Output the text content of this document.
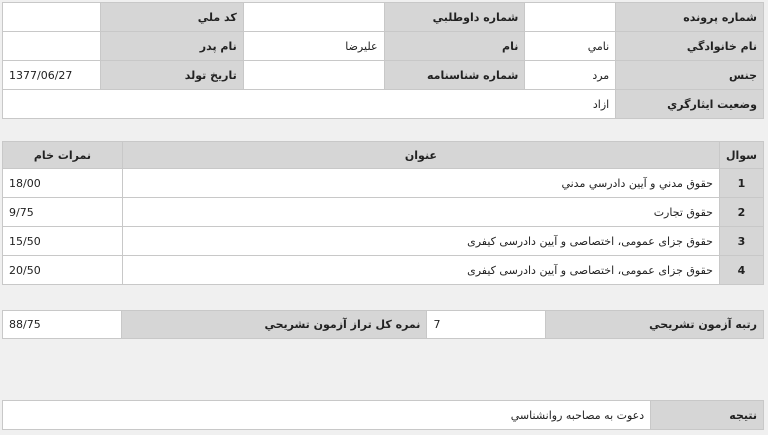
شماره پرونده		شماره داوطلبي		كد ملي	
نام خانوادگي	نامي	نام	عليرضا	نام پدر	
جنس	مرد	شماره شناسنامه		تاريخ تولد	1377/06/27
وضعيت ايثارگري	ازاد				
سوال	عنوان	نمرات خام
1	حقوق مدني و آيين دادرسي مدني	18/00
2	حقوق تجارت	9/75
3	حقوق جزای عمومی، اختصاصی و آیین دادرسی کیفری	15/50
4	حقوق جزای عمومی، اختصاصی و آیین دادرسی کیفری	20/50
رتبه آزمون تشريحي	7	نمره كل تراز آزمون تشريحي	88/75
نتيجه	دعوت به مصاحبه روانشناسي
